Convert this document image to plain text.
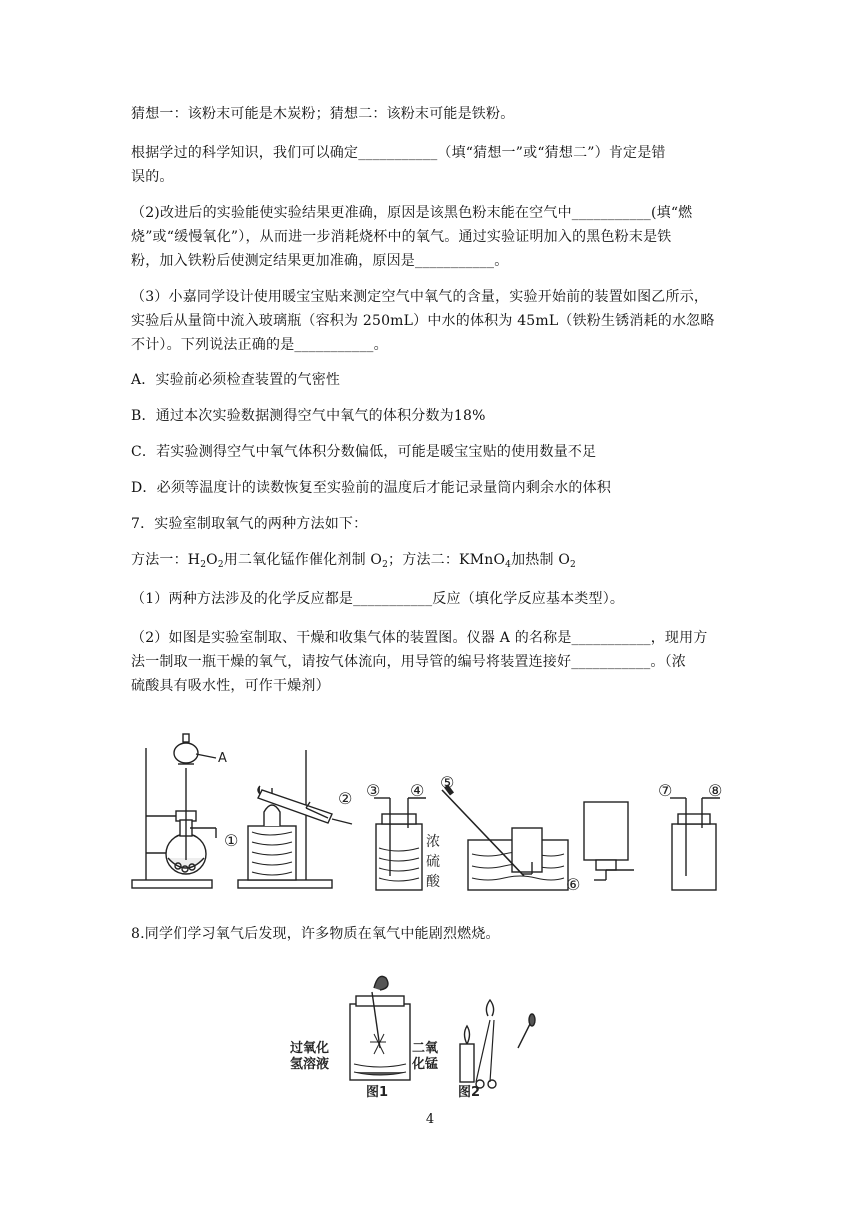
猜想一：该粉末可能是木炭粉；猜想二：该粉末可能是铁粉。
根据学过的科学知识，我们可以确定___________（填“猜想一”或“猜想二”）肯定是错
误的。
（2)改进后的实验能使实验结果更准确，原因是该黑色粉末能在空气中___________(填“燃
烧”或“缓慢氧化”），从而进一步消耗烧杯中的氧气。通过实验证明加入的黑色粉末是铁
粉，加入铁粉后使测定结果更加准确，原因是___________。
（3）小嘉同学设计使用暖宝宝贴来测定空气中氧气的含量，实验开始前的装置如图乙所示，
实验后从量筒中流入玻璃瓶（容积为 250mL）中水的体积为 45mL（铁粉生锈消耗的水忽略
不计）。下列说法正确的是___________。
A．实验前必须检查装置的气密性
B．通过本次实验数据测得空气中氧气的体积分数为18%
C．若实验测得空气中氧气体积分数偏低，可能是暖宝宝贴的使用数量不足
D．必须等温度计的读数恢复至实验前的温度后才能记录量筒内剩余水的体积
7．实验室制取氧气的两种方法如下：
方法一：$H_2O_2$用二氧化锰作催化剂制 $O_2$；方法二：KMnO$_4$加热制 $O_2$
（1）两种方法涉及的化学反应都是___________反应（填化学反应基本类型）。
（2）如图是实验室制取、干燥和收集气体的装置图。仪器 A 的名称是___________，现用方
法一制取一瓶干燥的氧气，请按气体流向，用导管的编号将装置连接好___________。（浓
硫酸具有吸水性，可作干燥剂）
A
①
② ③ ④
浓
硫
酸
⑤
⑥
⑦ ⑧
8.同学们学习氧气后发现，许多物质在氧气中能剧烈燃烧。
过氧化
氢溶液
二氧
化锰
图1	图2
4
